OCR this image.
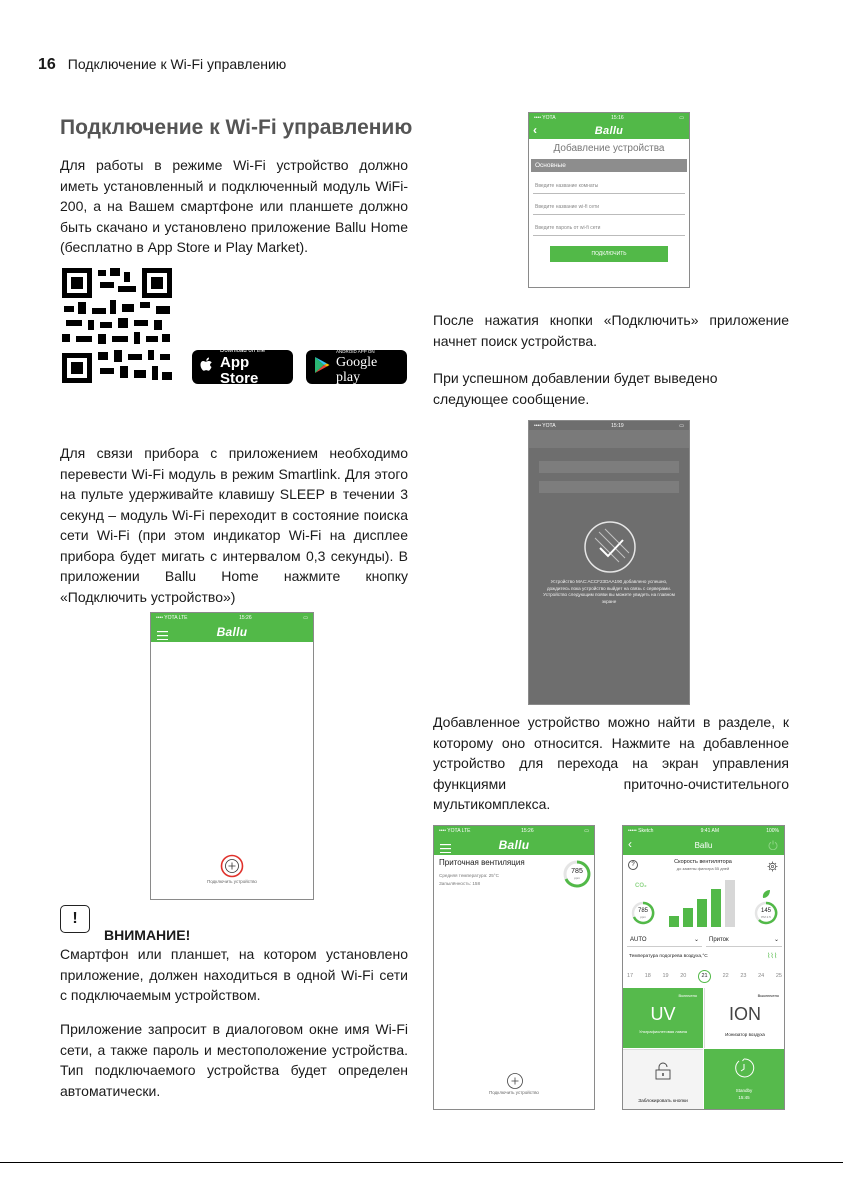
16 Подключение к Wi-Fi управлению
Подключение к Wi-Fi управлению
Для работы в режиме Wi-Fi устройство должно иметь установленный и подключенный модуль WiFi-200, а на Вашем смартфоне или планшете должно быть скачано и установлено приложение Ballu Home (бесплатно в App Store и Play Market).
Download on the
App Store
ANDROID APP ON
Google play
Для связи прибора с приложением необходимо перевести Wi-Fi модуль в режим Smartlink. Для этого на пульте удерживайте клавишу SLEEP в течении 3 секунд – модуль Wi-Fi переходит в состояние поиска сети Wi-Fi (при этом индикатор Wi-Fi на дисплее прибора будет мигать с интервалом 0,3 секунды). В приложении Ballu Home нажмите кнопку «Подключить устройство»)
•••• YOTA LTE	15:26	▭
Ballu
Подключить устройство
!
ВНИМАНИЕ!
Смартфон или планшет, на котором установлено приложение, должен находиться в одной Wi-Fi сети с подключаемым устройством.
Приложение запросит в диалоговом окне имя Wi-Fi сети, а также пароль и местоположение устройства. Тип подключаемого устройства будет определен автоматически.
•••• YOTA	15:16	▭
‹	Ballu
Добавление устройства
Основные
Введите название комнаты
Введите название wi-fi сети
Введите пароль от wi-fi сети
ПОДКЛЮЧИТЬ
После нажатия кнопки «Подключить» приложение начнет поиск устройства.
При успешном добавлении будет выведено следующее сообщение.
•••• YOTA	15:19	▭
Устройство MAC:ACCF23DAA190 добавлено успешно, дождитесь пока устройство выйдет на связь с серверами. Устройство следующим появи вы можете увидеть на главном экране
Добавленное устройство можно найти в разделе, к которому оно относится. Нажмите на добавленное устройство для перехода на экран управления функциями приточно-очистительного мультикомплекса.
•••• YOTA LTE	15:26	▭
Ballu
Приточная вентиляция
Средняя температура: 25°C
Запылённость: 158
785
ppm
Подключить устройство
••••• Sketch	9:41 AM	100%
‹	Ballu
?	Скорость вентилятора
до замены фильтра 55 дней
CO₂
785
ppm
145
PM 2.5
AUTO	⌄ Приток	⌄
Температура подогрева воздуха,°C	⌇⌇⌇
17 18 19 20	21	22 23 24 25
Включено
UV
Ультрафиолетовая лампа
Выключено
ION
Ионизатор воздуха
Заблокировать кнопки
Standby
15:45
